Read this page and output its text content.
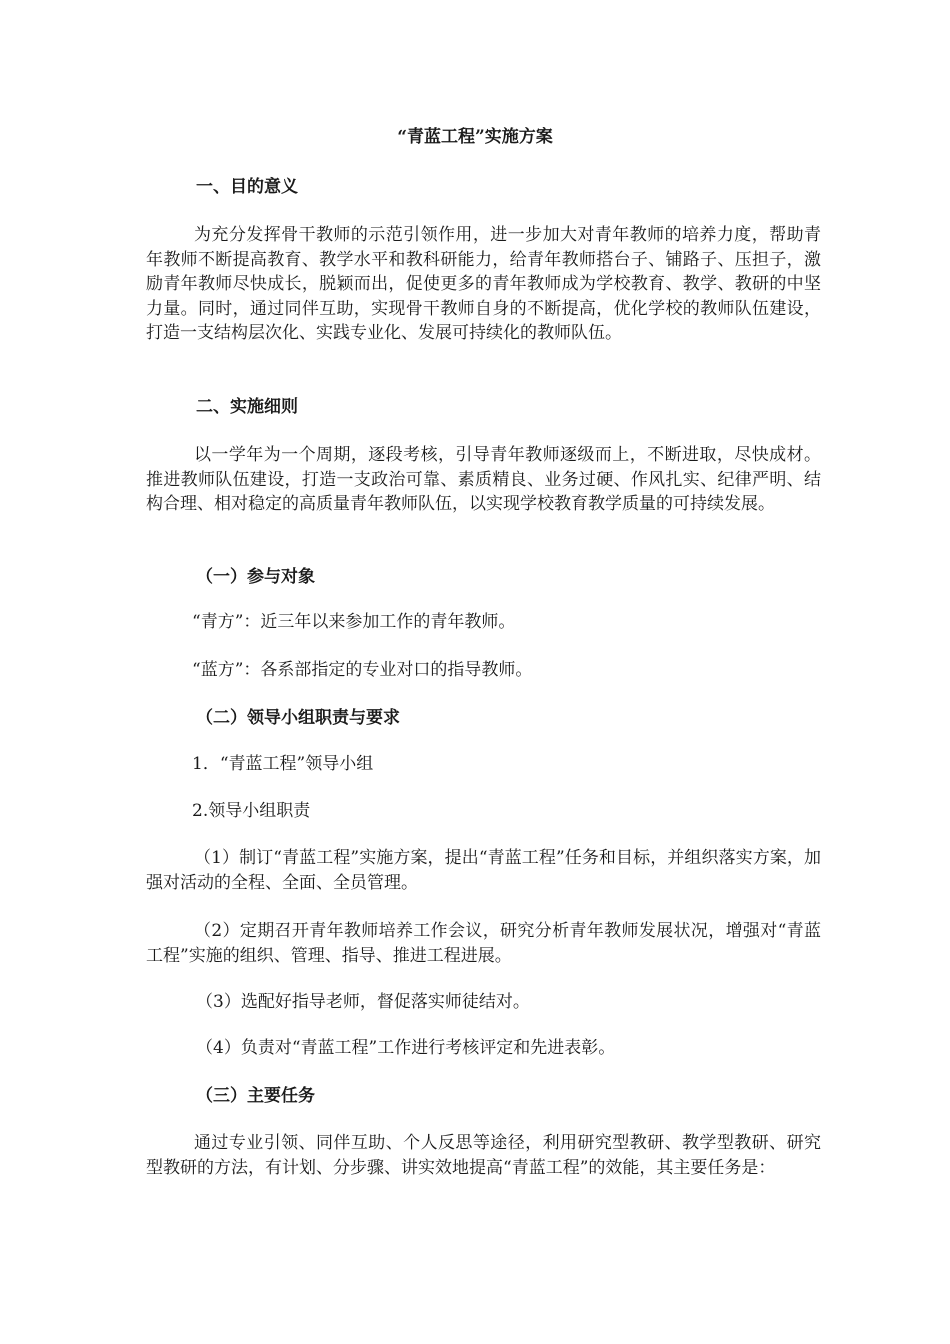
“青蓝工程”实施方案

一、目的意义

为充分发挥骨干教师的示范引领作用，进一步加大对青年教师的培养力度，帮助青年教师不断提高教育、教学水平和教科研能力，给青年教师搭台子、铺路子、压担子，激励青年教师尽快成长，脱颖而出，促使更多的青年教师成为学校教育、教学、教研的中坚力量。同时，通过同伴互助，实现骨干教师自身的不断提高，优化学校的教师队伍建设，打造一支结构层次化、实践专业化、发展可持续化的教师队伍。

二、实施细则

以一学年为一个周期，逐段考核，引导青年教师逐级而上，不断进取，尽快成材。推进教师队伍建设，打造一支政治可靠、素质精良、业务过硬、作风扎实、纪律严明、结构合理、相对稳定的高质量青年教师队伍，以实现学校教育教学质量的可持续发展。

（一）参与对象

“青方”：近三年以来参加工作的青年教师。

“蓝方”：各系部指定的专业对口的指导教师。

（二）领导小组职责与要求

1．“青蓝工程”领导小组

2.领导小组职责

（1）制订“青蓝工程”实施方案，提出“青蓝工程”任务和目标，并组织落实方案，加强对活动的全程、全面、全员管理。

（2）定期召开青年教师培养工作会议，研究分析青年教师发展状况，增强对“青蓝工程”实施的组织、管理、指导、推进工程进展。

（3）选配好指导老师，督促落实师徒结对。

（4）负责对“青蓝工程”工作进行考核评定和先进表彰。

（三）主要任务

通过专业引领、同伴互助、个人反思等途径，利用研究型教研、教学型教研、研究型教研的方法，有计划、分步骤、讲实效地提高“青蓝工程”的效能，其主要任务是：
